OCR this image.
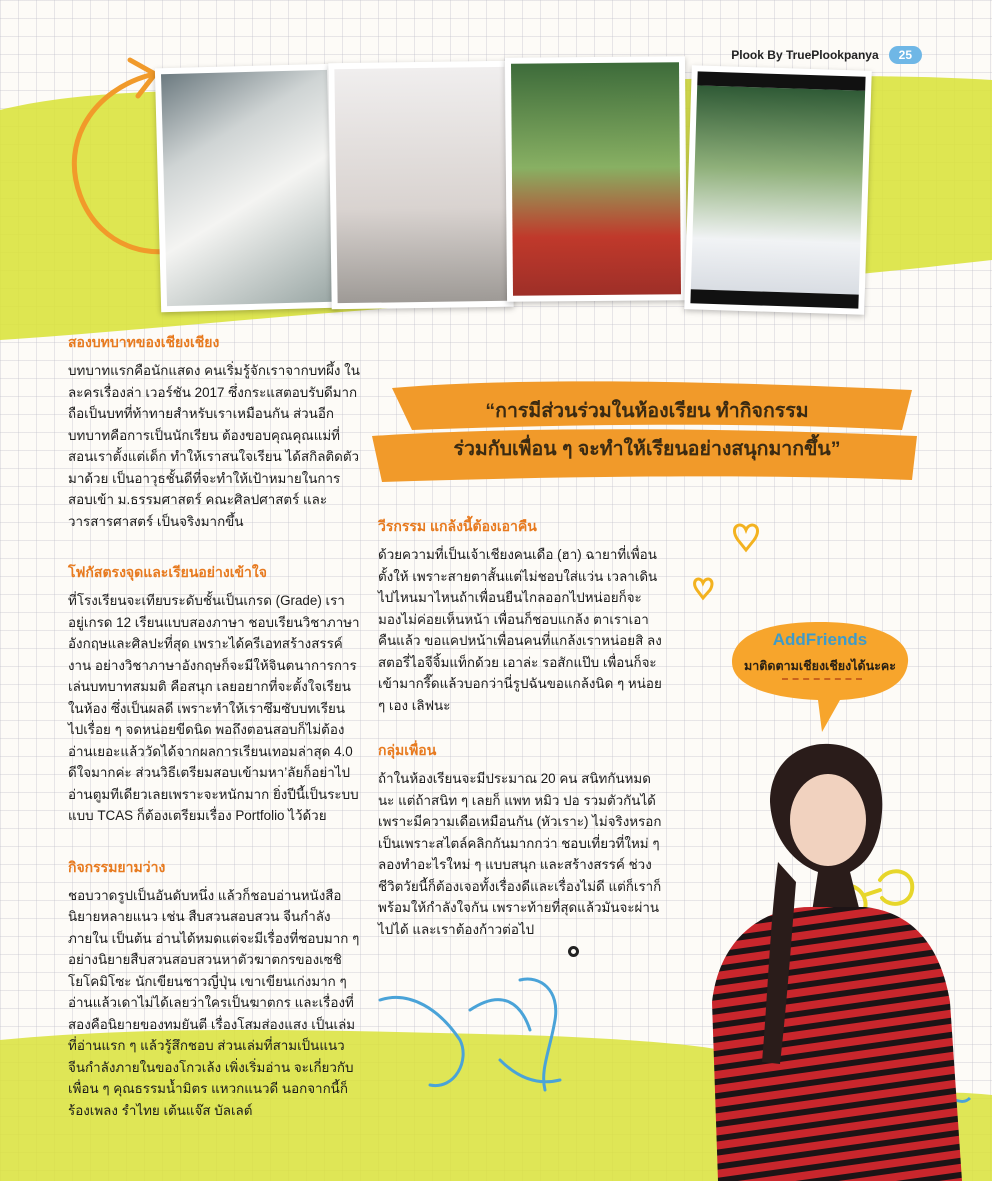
Plook By TruePlookpanya	25
สองบทบาทของเชียงเชียง

บทบาทแรกคือนักแสดง คนเริ่มรู้จักเราจากบทผึ้ง ในละครเรื่องล่า เวอร์ชัน 2017 ซึ่งกระแสตอบรับดีมาก ถือเป็นบทที่ท้าทายสำหรับเราเหมือนกัน ส่วนอีกบทบาทคือการเป็นนักเรียน ต้องขอบคุณคุณแม่ที่สอนเราตั้งแต่เด็ก ทำให้เราสนใจเรียน ได้สกิลติดตัวมาด้วย เป็นอาวุธชั้นดีที่จะทำให้เป้าหมายในการสอบเข้า ม.ธรรมศาสตร์ คณะศิลปศาสตร์ และวารสารศาสตร์ เป็นจริงมากขึ้น

โฟกัสตรงจุดและเรียนอย่างเข้าใจ

ที่โรงเรียนจะเทียบระดับชั้นเป็นเกรด (Grade) เราอยู่เกรด 12 เรียนแบบสองภาษา ชอบเรียนวิชาภาษาอังกฤษและศิลปะที่สุด เพราะได้ครีเอทสร้างสรรค์งาน อย่างวิชาภาษาอังกฤษก็จะมีให้จินตนาการการเล่นบทบาทสมมติ คือสนุก เลยอยากที่จะตั้งใจเรียนในห้อง ซึ่งเป็นผลดี เพราะทำให้เราซึมซับบทเรียนไปเรื่อย ๆ จดหน่อยขีดนิด พอถึงตอนสอบก็ไม่ต้องอ่านเยอะแล้ววัดได้จากผลการเรียนเทอมล่าสุด 4.0 ดีใจมากค่ะ ส่วนวิธีเตรียมสอบเข้ามหา’ลัยก็อย่าไปอ่านตูมทีเดียวเลยเพราะจะหนักมาก ยิ่งปีนี้เป็นระบบแบบ TCAS ก็ต้องเตรียมเรื่อง Portfolio ไว้ด้วย

กิจกรรมยามว่าง

ชอบวาดรูปเป็นอันดับหนึ่ง แล้วก็ชอบอ่านหนังสือนิยายหลายแนว เช่น สืบสวนสอบสวน จีนกำลังภายใน เป็นต้น อ่านได้หมดแต่จะมีเรื่องที่ชอบมาก ๆ อย่างนิยายสืบสวนสอบสวนหาตัวฆาตกรของเซชิ โยโคมิโซะ นักเขียนชาวญี่ปุ่น เขาเขียนเก่งมาก ๆ อ่านแล้วเดาไม่ได้เลยว่าใครเป็นฆาตกร และเรื่องที่สองคือนิยายของทมยันตี เรื่องโสมส่องแสง เป็นเล่มที่อ่านแรก ๆ แล้วรู้สึกชอบ ส่วนเล่มที่สามเป็นแนวจีนกำลังภายในของโกวเล้ง เพิ่งเริ่มอ่าน จะเกี่ยวกับเพื่อน ๆ คุณธรรมน้ำมิตร แหวกแนวดี นอกจากนี้ก็ร้องเพลง รำไทย เต้นแจ๊ส บัลเลต์

“การมีส่วนร่วมในห้องเรียน ทำกิจกรรม
ร่วมกับเพื่อน ๆ จะทำให้เรียนอย่างสนุกมากขึ้น”
วีรกรรม แกล้งนี้ต้องเอาคืน

ด้วยความที่เป็นเจ้าเชียงคนเดือ (ฮา) ฉายาที่เพื่อนตั้งให้ เพราะสายตาสั้นแต่ไม่ชอบใส่แว่น เวลาเดินไปไหนมาไหนถ้าเพื่อนยืนไกลออกไปหน่อยก็จะมองไม่ค่อยเห็นหน้า เพื่อนก็ชอบแกล้ง ตาเราเอาคืนแล้ว ขอแคปหน้าเพื่อนคนที่แกล้งเราหน่อยสิ ลงสตอรี่ไอจีจิ้มแท็กด้วย เอาล่ะ รอสักแป๊บ เพื่อนก็จะเข้ามากรี๊ดแล้วบอกว่านี่รูปฉันขอแกล้งนิด ๆ หน่อย ๆ เอง เลิฟนะ

กลุ่มเพื่อน

ถ้าในห้องเรียนจะมีประมาณ 20 คน สนิทกันหมดนะ แต่ถ้าสนิท ๆ เลยก็ แพท หมิว ปอ รวมตัวกันได้เพราะมีความเดือเหมือนกัน (หัวเราะ) ไม่จริงหรอกเป็นเพราะสไตล์คลิกกันมากกว่า ชอบเที่ยวที่ใหม่ ๆ ลองทำอะไรใหม่ ๆ แบบสนุก และสร้างสรรค์ ช่วงชีวิตวัยนี้ก็ต้องเจอทั้งเรื่องดีและเรื่องไม่ดี แต่ก็เราก็พร้อมให้กำลังใจกัน เพราะท้ายที่สุดแล้วมันจะผ่านไปได้ และเราต้องก้าวต่อไป

AddFriends
มาติดตามเชียงเชียงได้นะคะ
